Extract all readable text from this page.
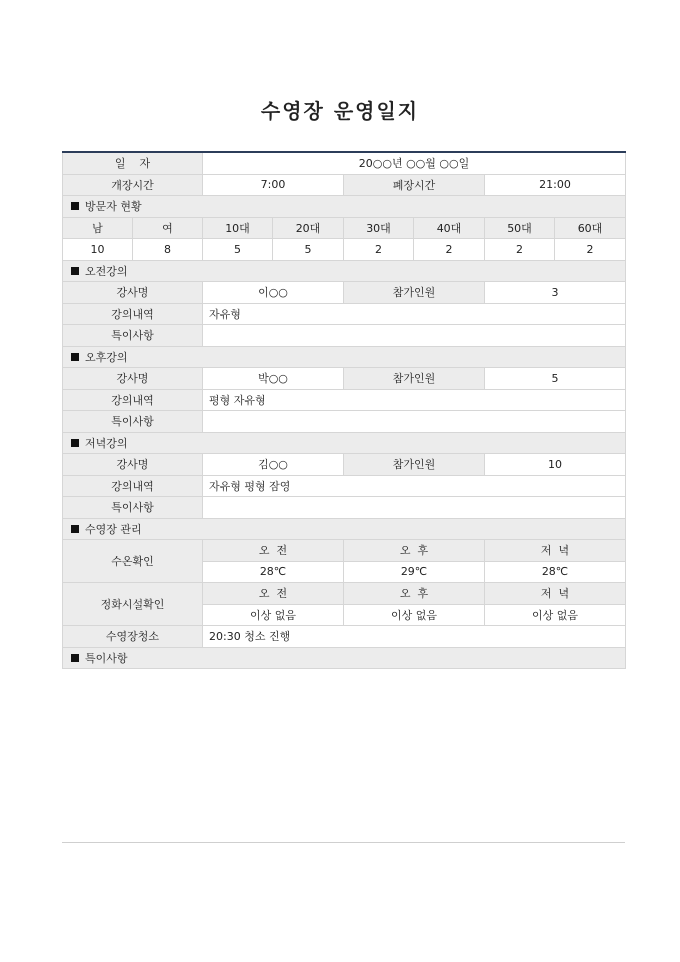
수영장 운영일지
일    자		20○○년 ○○월 ○○일					
개장시간		7:00		폐장시간		21:00	
방문자 현황							
남	여	10대	20대	30대	40대	50대	60대
10	8	5	5	2	2	2	2
오전강의							
강사명		이○○		참가인원		3	
강의내역		자유형					
특이사항							
오후강의							
강사명		박○○		참가인원		5	
강의내역		평형 자유형					
특이사항							
저녁강의							
강사명		김○○		참가인원		10	
강의내역		자유형 평형 잠영					
특이사항							
수영장 관리							
수온확인		오  전		오  후		저  녁	
		28℃		29℃		28℃	
정화시설확인		오  전		오  후		저  녁	
		이상 없음		이상 없음		이상 없음	
수영장청소		20:30 청소 진행					
특이사항							
